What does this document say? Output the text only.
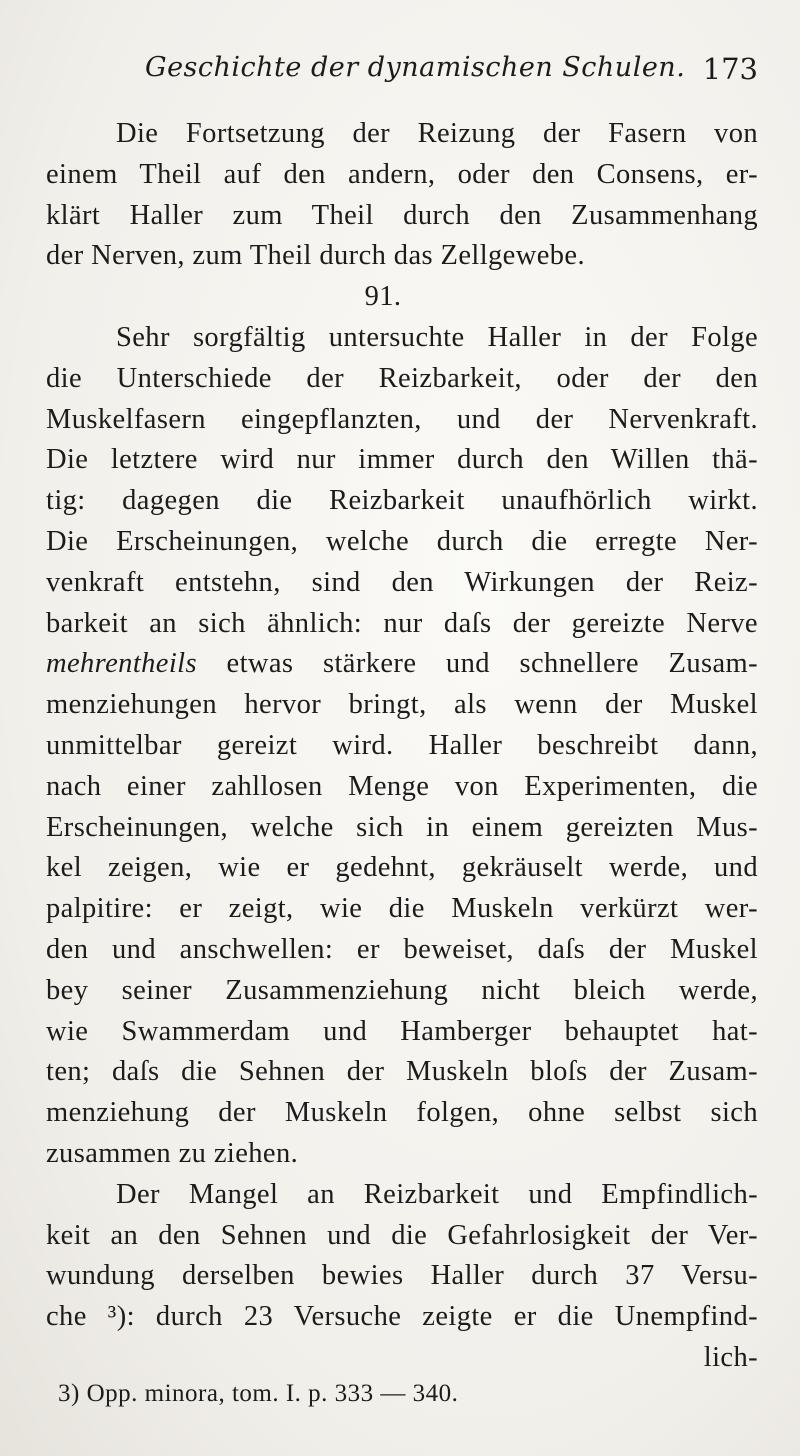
Geschichte der dynamischen Schulen. 173
Die Fortsetzung der Reizung der Fasern von
einem Theil auf den andern, oder den Consens, er-
klärt Haller zum Theil durch den Zusammenhang
der Nerven, zum Theil durch das Zellgewebe.
91.
Sehr sorgfältig untersuchte Haller in der Folge
die Unterschiede der Reizbarkeit, oder der den
Muskelfasern eingepflanzten, und der Nervenkraft.
Die letztere wird nur immer durch den Willen thä-
tig: dagegen die Reizbarkeit unaufhörlich wirkt.
Die Erscheinungen, welche durch die erregte Ner-
venkraft entstehn, sind den Wirkungen der Reiz-
barkeit an sich ähnlich: nur daſs der gereizte Nerve
mehrentheils etwas stärkere und schnellere Zusam-
menziehungen hervor bringt, als wenn der Muskel
unmittelbar gereizt wird. Haller beschreibt dann,
nach einer zahllosen Menge von Experimenten, die
Erscheinungen, welche sich in einem gereizten Mus-
kel zeigen, wie er gedehnt, gekräuselt werde, und
palpitire: er zeigt, wie die Muskeln verkürzt wer-
den und anschwellen: er beweiset, daſs der Muskel
bey seiner Zusammenziehung nicht bleich werde,
wie Swammerdam und Hamberger behauptet hat-
ten; daſs die Sehnen der Muskeln bloſs der Zusam-
menziehung der Muskeln folgen, ohne selbst sich
zusammen zu ziehen.
Der Mangel an Reizbarkeit und Empfindlich-
keit an den Sehnen und die Gefahrlosigkeit der Ver-
wundung derselben bewies Haller durch 37 Versu-
che ³): durch 23 Versuche zeigte er die Unempfind-
lich-
3) Opp. minora, tom. I. p. 333 — 340.
